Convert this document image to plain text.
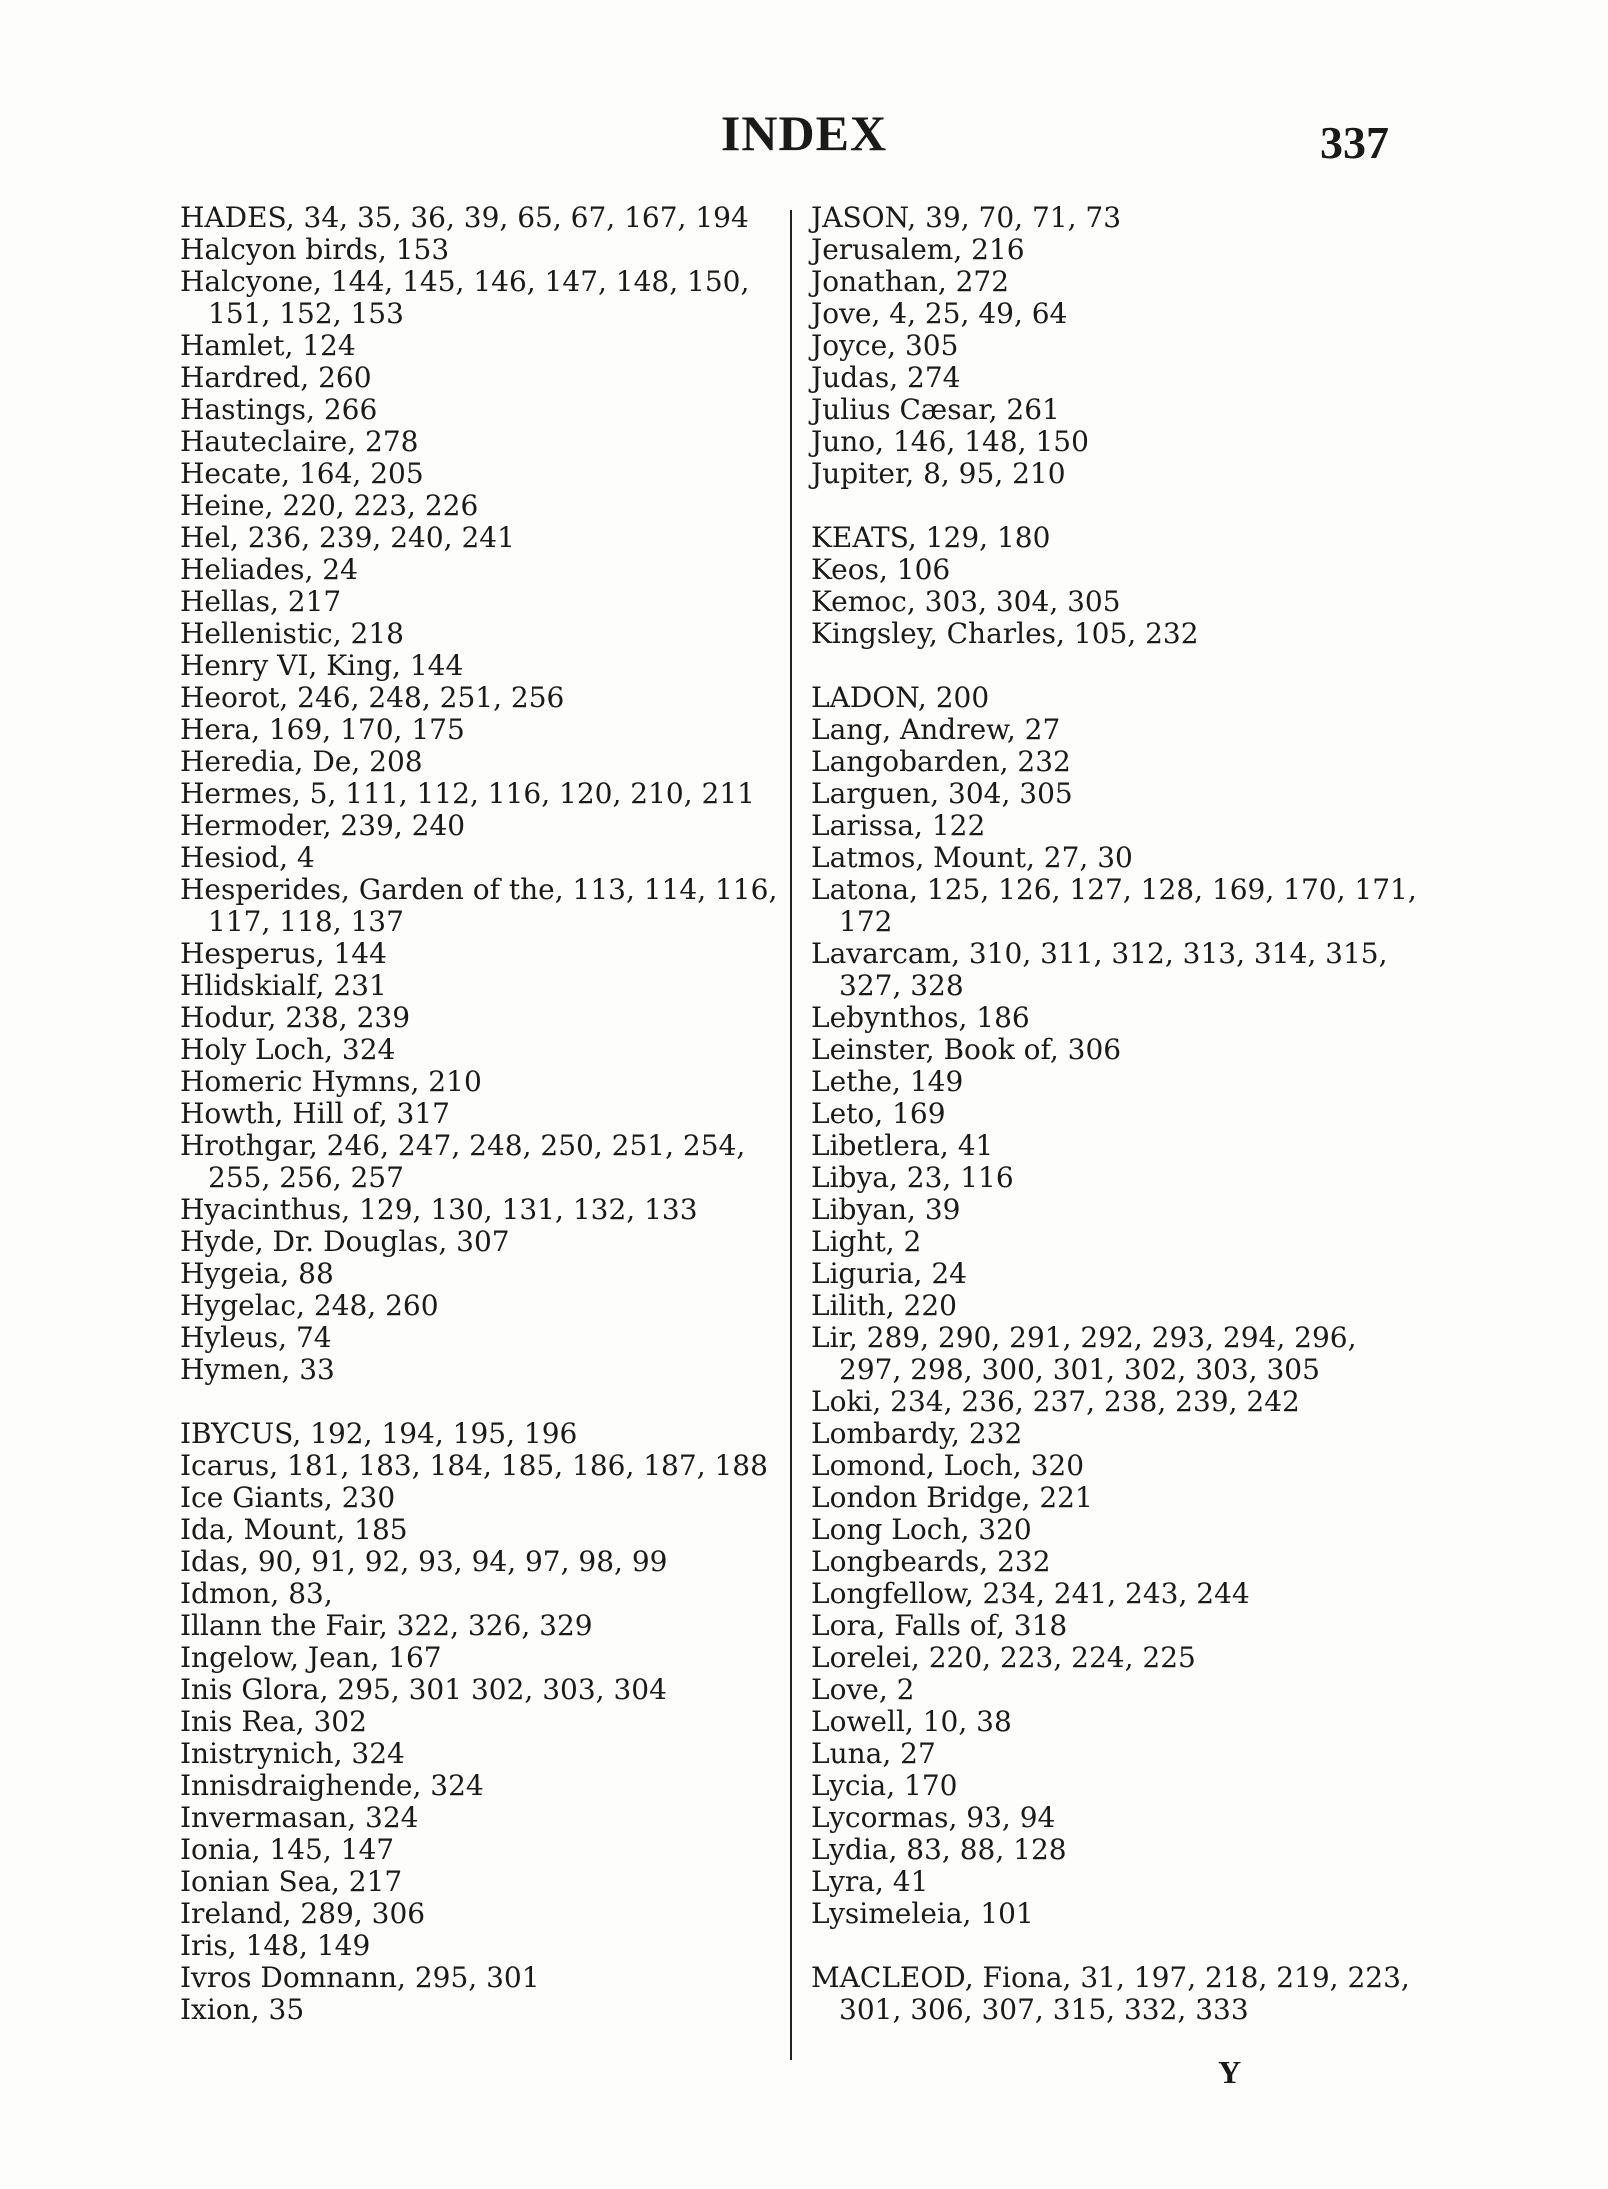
INDEX	337
HADES, 34, 35, 36, 39, 65, 67, 167, 194
Halcyon birds, 153
Halcyone, 144, 145, 146, 147, 148, 150,
151, 152, 153
Hamlet, 124
Hardred, 260
Hastings, 266
Hauteclaire, 278
Hecate, 164, 205
Heine, 220, 223, 226
Hel, 236, 239, 240, 241
Heliades, 24
Hellas, 217
Hellenistic, 218
Henry VI, King, 144
Heorot, 246, 248, 251, 256
Hera, 169, 170, 175
Heredia, De, 208
Hermes, 5, 111, 112, 116, 120, 210, 211
Hermoder, 239, 240
Hesiod, 4
Hesperides, Garden of the, 113, 114, 116,
117, 118, 137
Hesperus, 144
Hlidskialf, 231
Hodur, 238, 239
Holy Loch, 324
Homeric Hymns, 210
Howth, Hill of, 317
Hrothgar, 246, 247, 248, 250, 251, 254,
255, 256, 257
Hyacinthus, 129, 130, 131, 132, 133
Hyde, Dr. Douglas, 307
Hygeia, 88
Hygelac, 248, 260
Hyleus, 74
Hymen, 33
IBYCUS, 192, 194, 195, 196
Icarus, 181, 183, 184, 185, 186, 187, 188
Ice Giants, 230
Ida, Mount, 185
Idas, 90, 91, 92, 93, 94, 97, 98, 99
Idmon, 83,
Illann the Fair, 322, 326, 329
Ingelow, Jean, 167
Inis Glora, 295, 301 302, 303, 304
Inis Rea, 302
Inistrynich, 324
Innisdraighende, 324
Invermasan, 324
Ionia, 145, 147
Ionian Sea, 217
Ireland, 289, 306
Iris, 148, 149
Ivros Domnann, 295, 301
Ixion, 35
JASON, 39, 70, 71, 73
Jerusalem, 216
Jonathan, 272
Jove, 4, 25, 49, 64
Joyce, 305
Judas, 274
Julius Cæsar, 261
Juno, 146, 148, 150
Jupiter, 8, 95, 210
KEATS, 129, 180
Keos, 106
Kemoc, 303, 304, 305
Kingsley, Charles, 105, 232
LADON, 200
Lang, Andrew, 27
Langobarden, 232
Larguen, 304, 305
Larissa, 122
Latmos, Mount, 27, 30
Latona, 125, 126, 127, 128, 169, 170, 171,
172
Lavarcam, 310, 311, 312, 313, 314, 315,
327, 328
Lebynthos, 186
Leinster, Book of, 306
Lethe, 149
Leto, 169
Libetlera, 41
Libya, 23, 116
Libyan, 39
Light, 2
Liguria, 24
Lilith, 220
Lir, 289, 290, 291, 292, 293, 294, 296,
297, 298, 300, 301, 302, 303, 305
Loki, 234, 236, 237, 238, 239, 242
Lombardy, 232
Lomond, Loch, 320
London Bridge, 221
Long Loch, 320
Longbeards, 232
Longfellow, 234, 241, 243, 244
Lora, Falls of, 318
Lorelei, 220, 223, 224, 225
Love, 2
Lowell, 10, 38
Luna, 27
Lycia, 170
Lycormas, 93, 94
Lydia, 83, 88, 128
Lyra, 41
Lysimeleia, 101
MACLEOD, Fiona, 31, 197, 218, 219, 223,
301, 306, 307, 315, 332, 333
Y
